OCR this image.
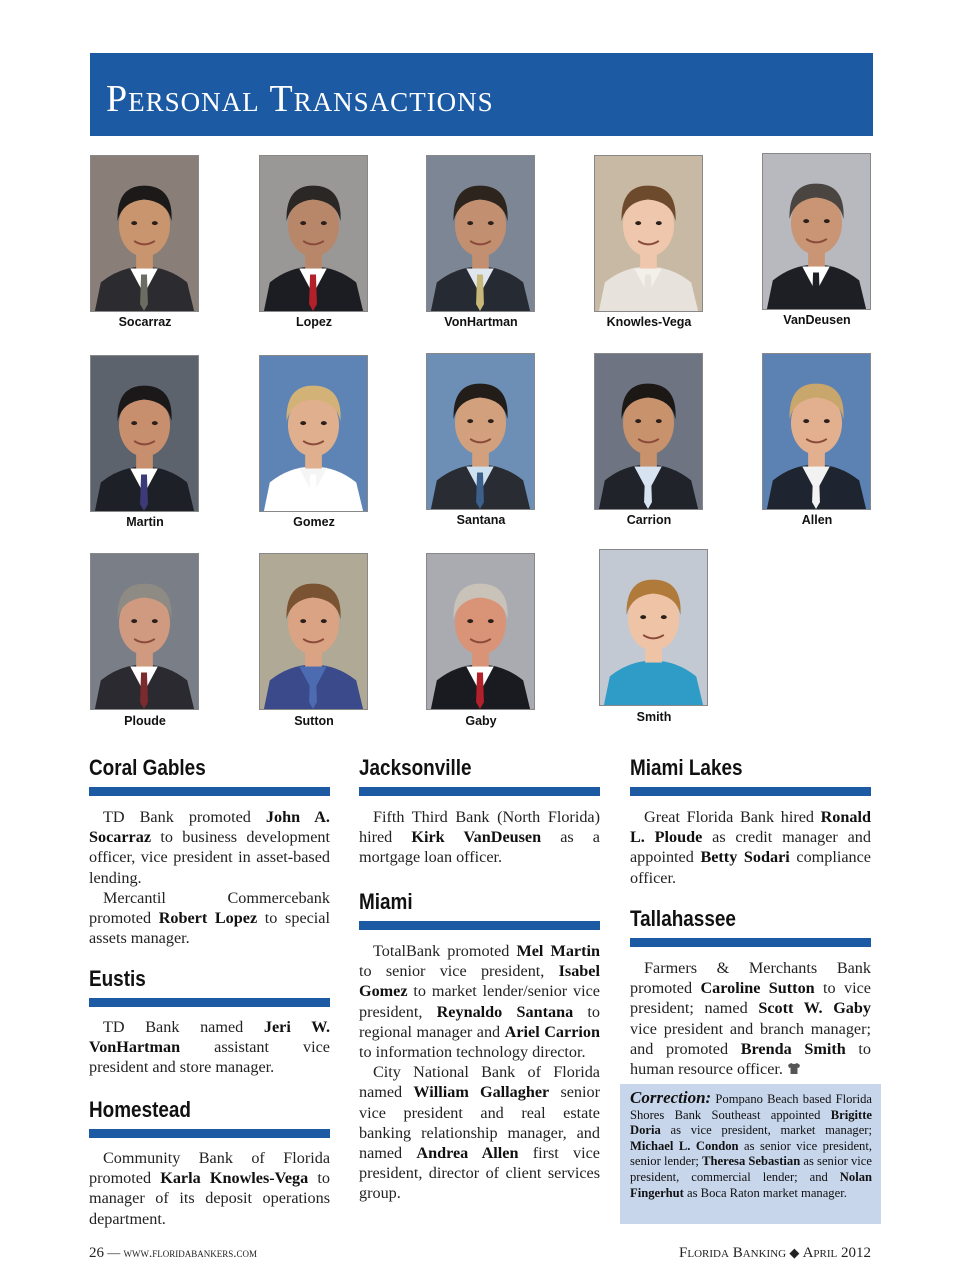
Personal Transactions
Socarraz	Lopez	VonHartman	Knowles-Vega	VanDeusen
Martin	Gomez	Santana	Carrion	Allen
Ploude	Sutton	Gaby	Smith
Coral Gables

TD Bank promoted John A. Socarraz to business development officer, vice president in asset-based lending.

Mercantil Commercebank promoted Robert Lopez to special assets manager.

Eustis

TD Bank named Jeri W. VonHartman assistant vice president and store manager.

Homestead

Community Bank of Florida promoted Karla Knowles-Vega to manager of its deposit operations department.

Jacksonville

Fifth Third Bank (North Florida) hired Kirk VanDeusen as a mortgage loan officer.

Miami

TotalBank promoted Mel Martin to senior vice president, Isabel Gomez to market lender/senior vice president, Reynaldo Santana to regional manager and Ariel Carrion to information technology director.

City National Bank of Florida named William Gallagher senior vice president and real estate banking relationship manager, and named Andrea Allen first vice president, director of client services group.

Miami Lakes

Great Florida Bank hired Ronald L. Ploude as credit manager and appointed Betty Sodari compliance officer.

Tallahassee

Farmers & Merchants Bank promoted Caroline Sutton to vice president; named Scott W. Gaby vice president and branch manager; and promoted Brenda Smith to human resource officer.

Correction: Pompano Beach based Florida Shores Bank Southeast appointed Brigitte Doria as vice president, market manager; Michael L. Condon as senior vice president, senior lender; Theresa Sebastian as senior vice president, commercial lender; and Nolan Fingerhut as Boca Raton market manager.
26 — www.floridabankers.com	Florida Banking ◆ April 2012
